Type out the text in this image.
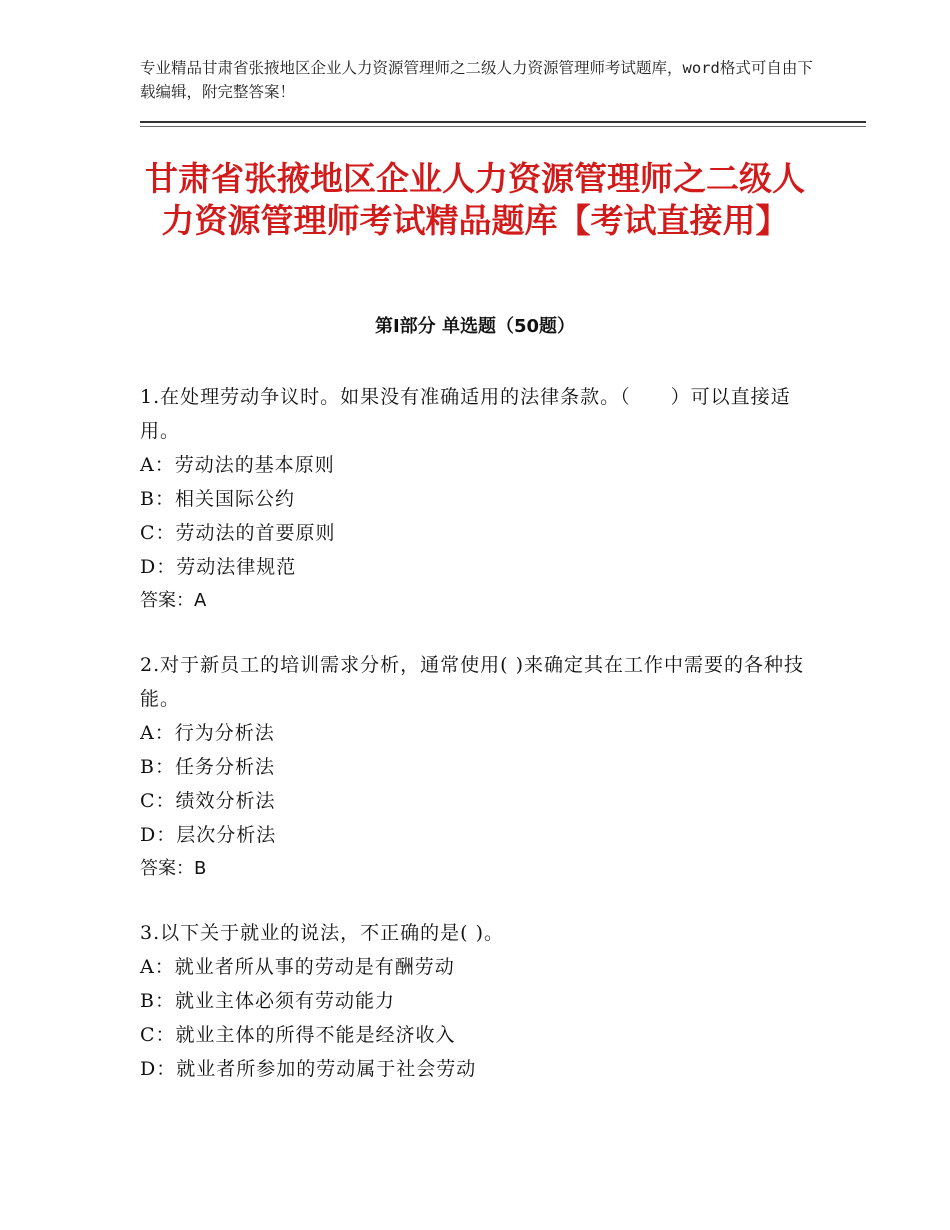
专业精品甘肃省张掖地区企业人力资源管理师之二级人力资源管理师考试题库，word格式可自由下载编辑，附完整答案！
甘肃省张掖地区企业人力资源管理师之二级人力资源管理师考试精品题库【考试直接用】
第Ⅰ部分 单选题（50题）

1.在处理劳动争议时。如果没有准确适用的法律条款。（　　）可以直接适用。

A：劳动法的基本原则

B：相关国际公约

C：劳动法的首要原则

D：劳动法律规范

答案：A

2.对于新员工的培训需求分析，通常使用( )来确定其在工作中需要的各种技能。

A：行为分析法

B：任务分析法

C：绩效分析法

D：层次分析法

答案：B

3.以下关于就业的说法，不正确的是( )。

A：就业者所从事的劳动是有酬劳动

B：就业主体必须有劳动能力

C：就业主体的所得不能是经济收入

D：就业者所参加的劳动属于社会劳动
